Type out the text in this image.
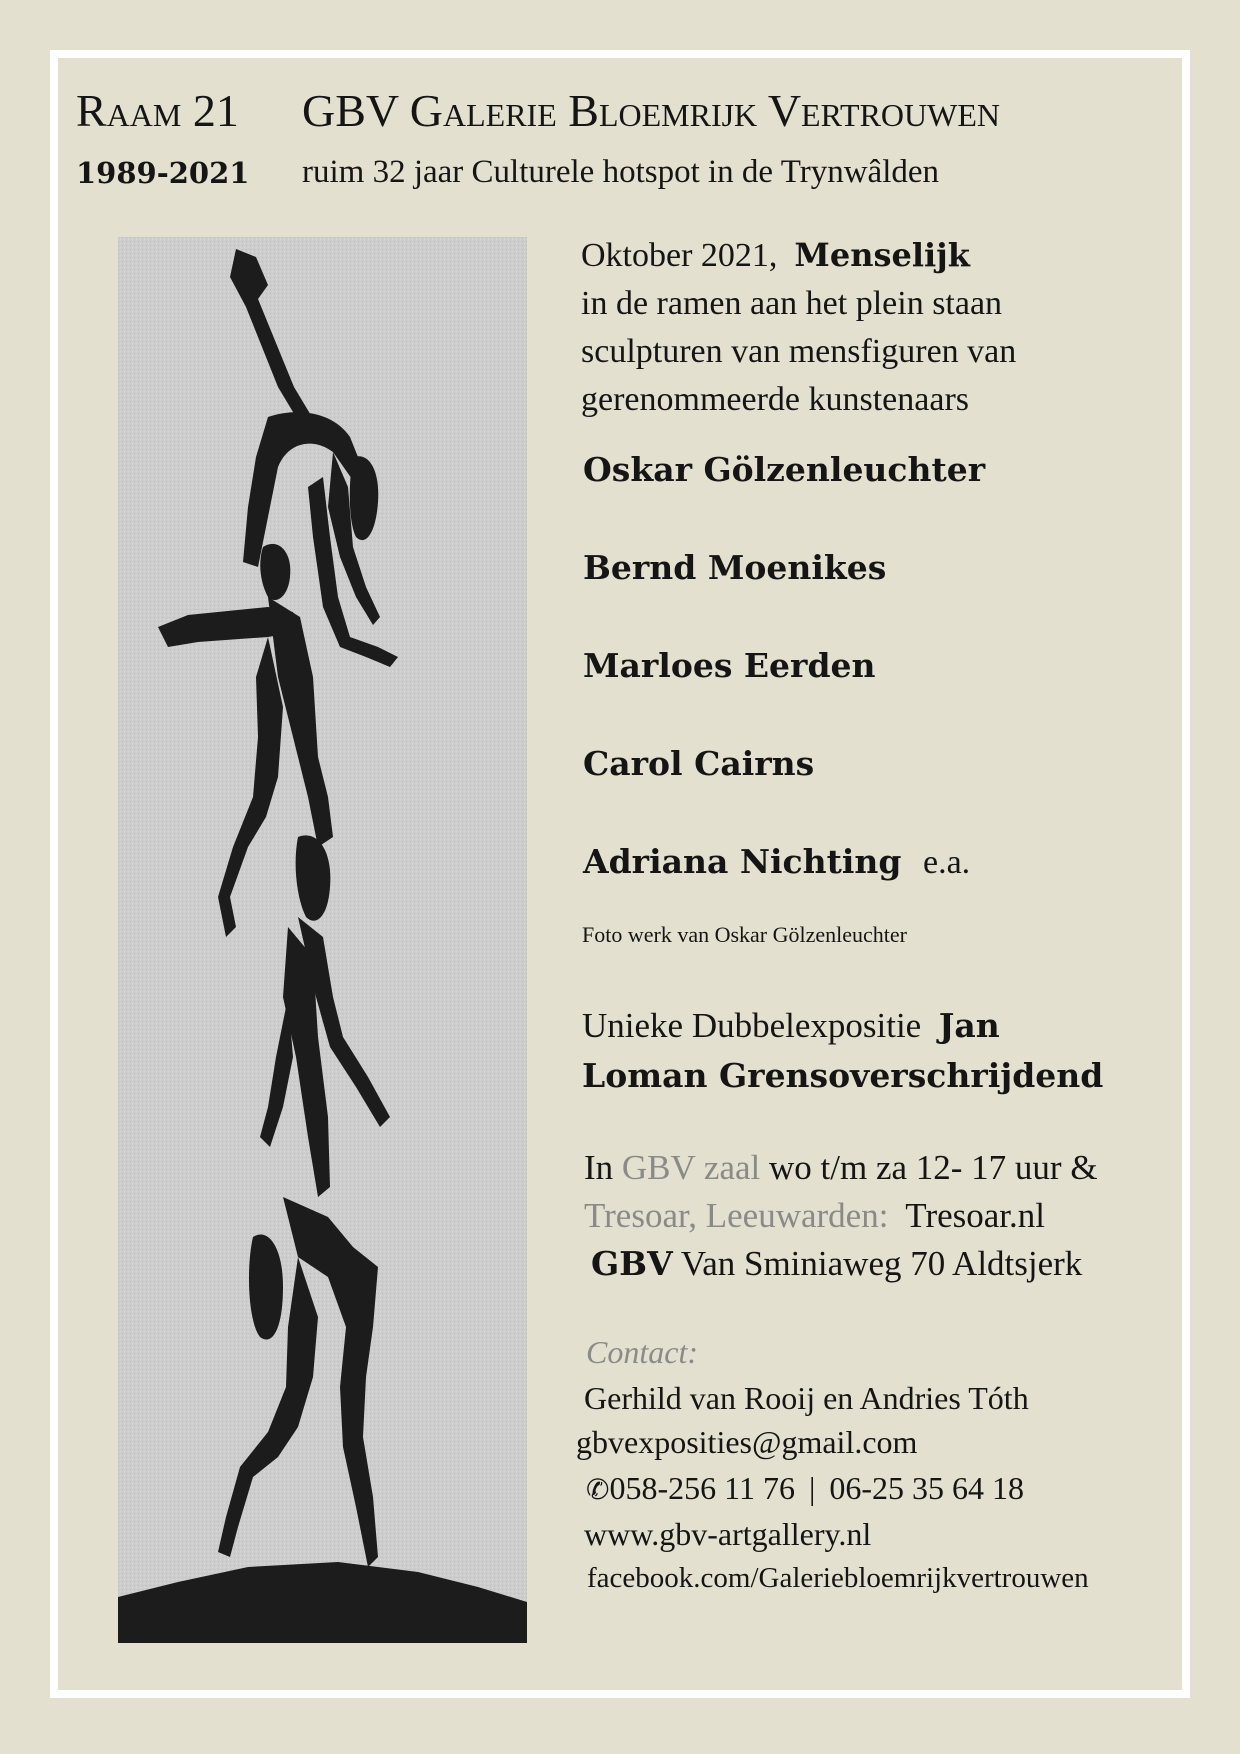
Raam 21 GBV Galerie Bloemrijk Vertrouwen
1989-2021 ruim 32 jaar Culturele hotspot in de Trynwâlden
Oktober 2021, Menselijk
in de ramen aan het plein staan
sculpturen van mensfiguren van
gerenommeerde kunstenaars
Oskar Gölzenleuchter
Bernd Moenikes
Marloes Eerden
Carol Cairns
Adriana Nichting e.a.
Foto werk van Oskar Gölzenleuchter
Unieke Dubbelexpositie Jan
Loman Grensoverschrijdend
In GBV zaal wo t/m za 12- 17 uur &
Tresoar, Leeuwarden: Tresoar.nl
GBV Van Sminiaweg 70 Aldtsjerk
Contact:
Gerhild van Rooij en Andries Tóth
gbvexposities@gmail.com
✆058-256 11 76 | 06-25 35 64 18
www.gbv-artgallery.nl
facebook.com/Galeriebloemrijkvertrouwen
